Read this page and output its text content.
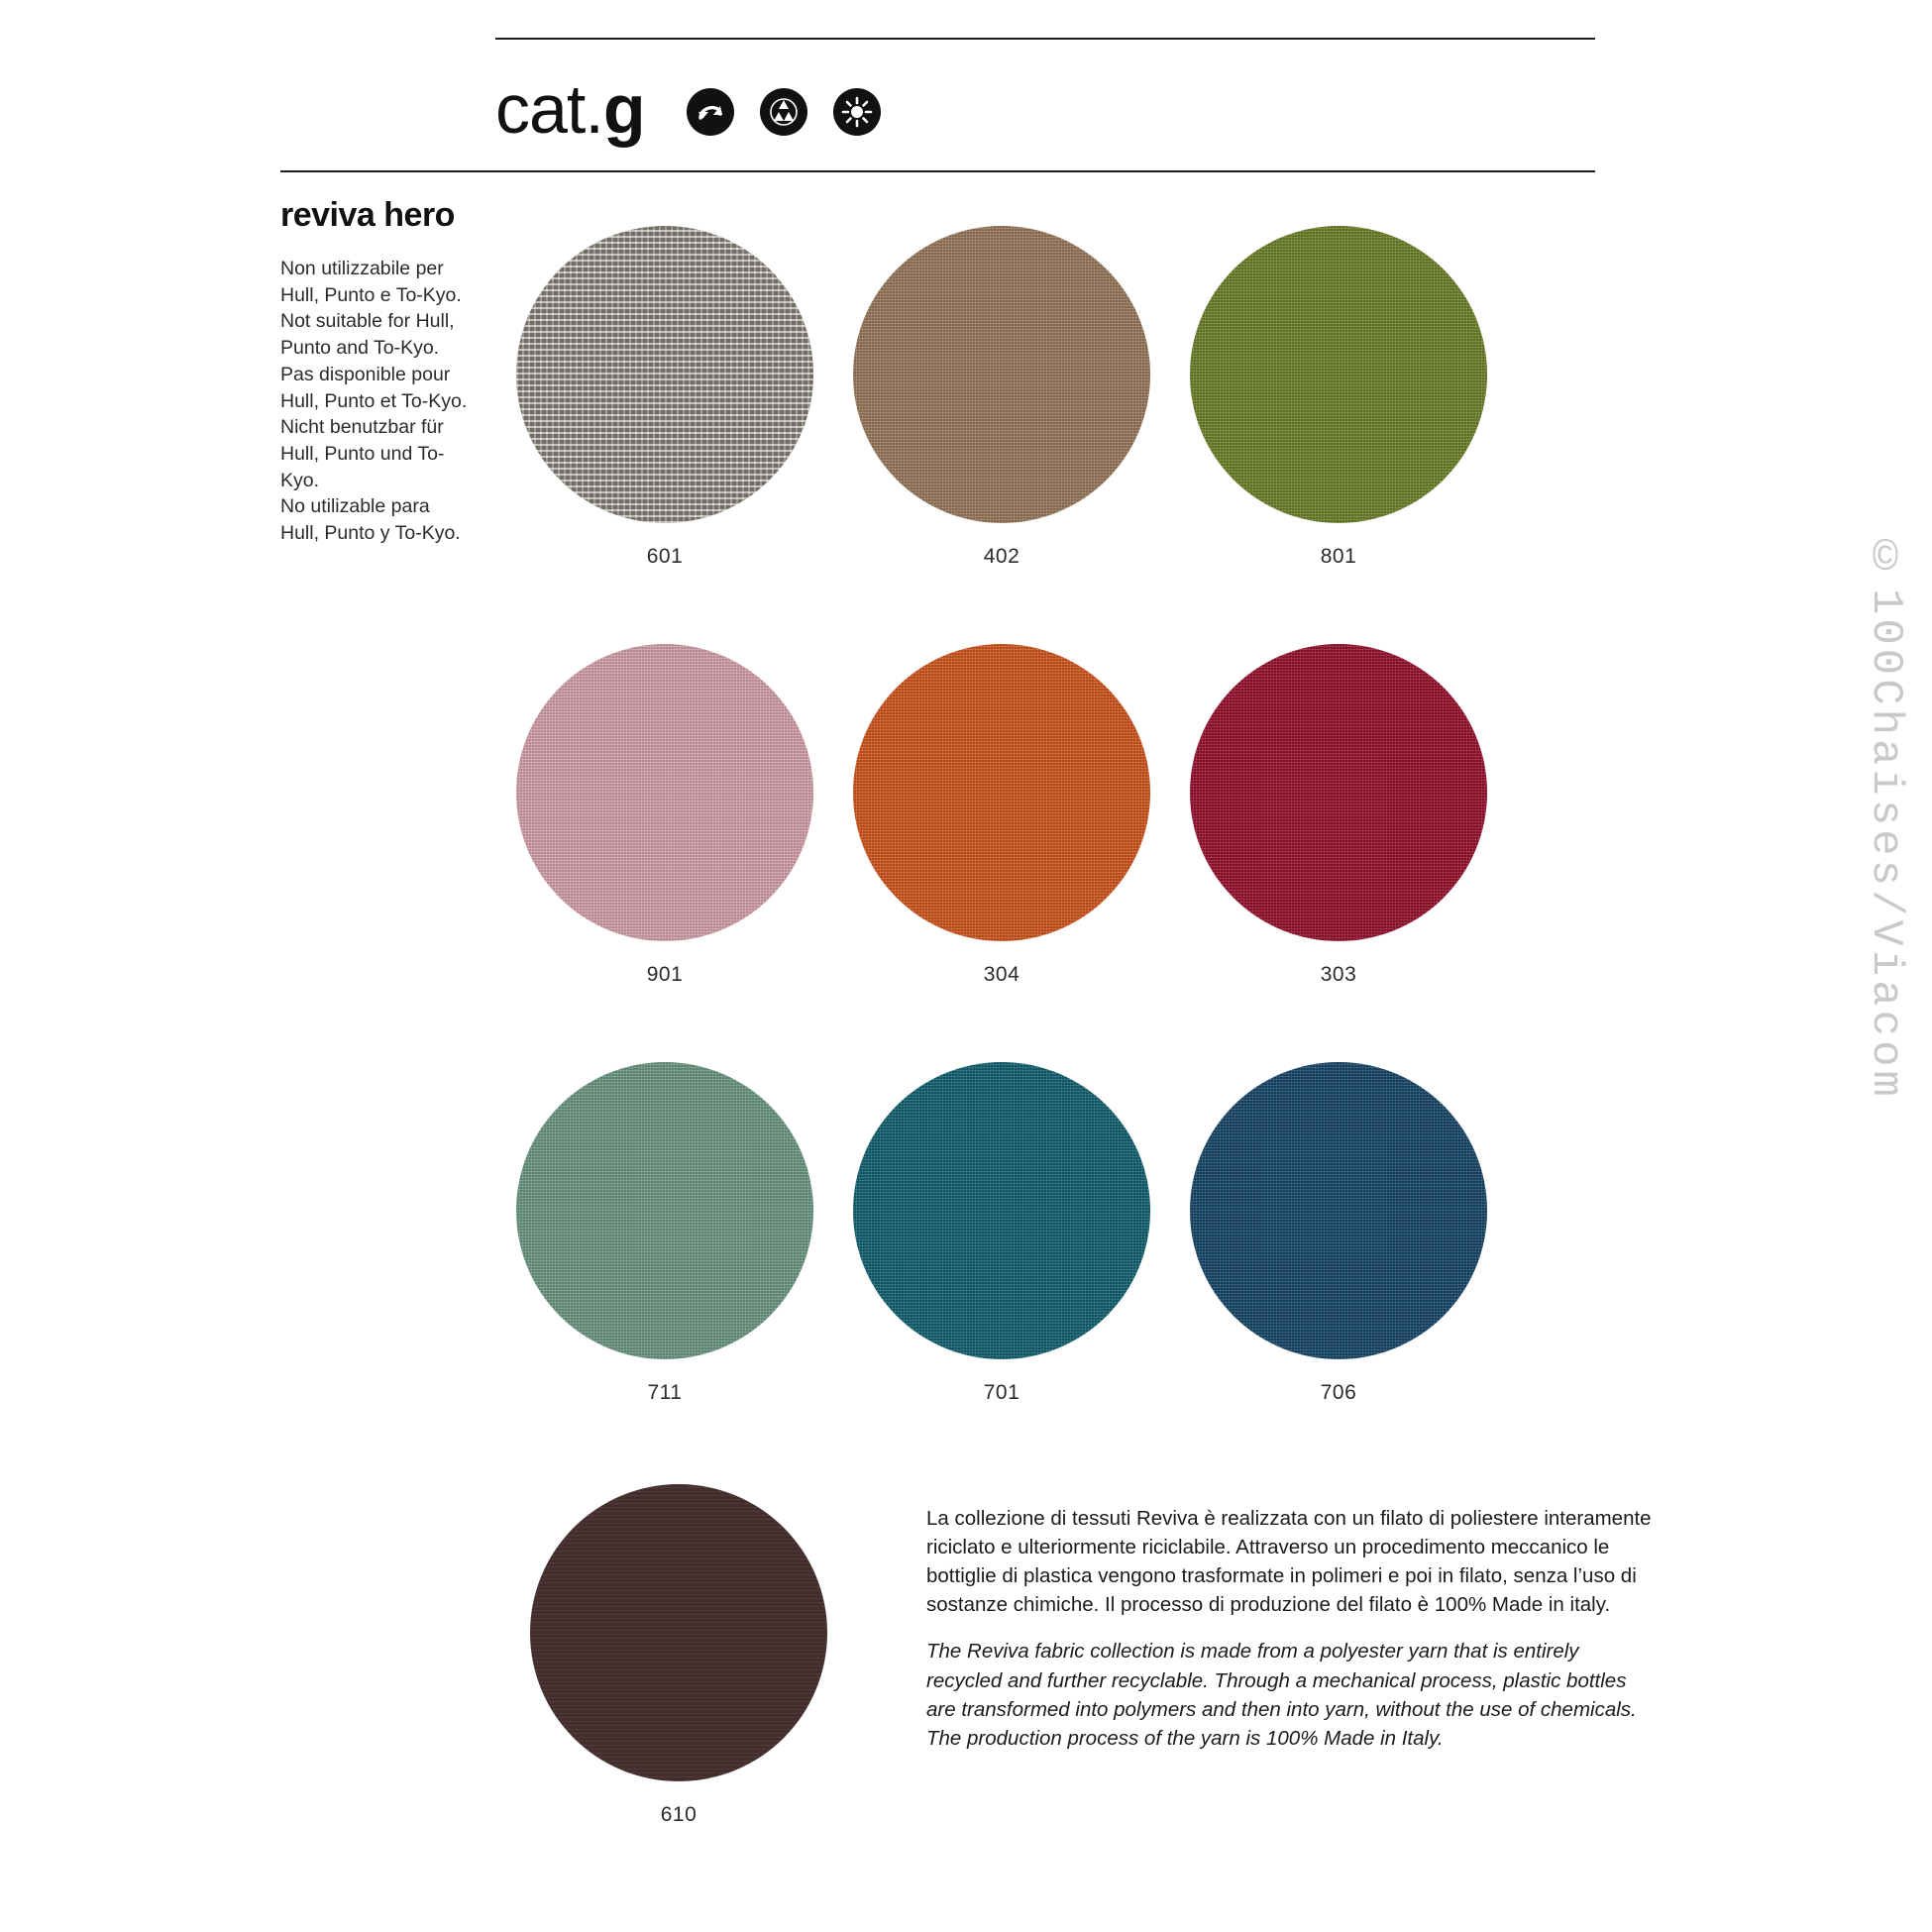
cat.g
reviva hero

Non utilizzabile per Hull, Punto e To-Kyo.

Not suitable for Hull, Punto and To-Kyo.

Pas disponible pour Hull, Punto et To-Kyo.

Nicht benutzbar für Hull, Punto und To-Kyo.

No utilizable para Hull, Punto y To-Kyo.

601	402	801
901	304	303
711	701	706
610

La collezione di tessuti Reviva è realizzata con un filato di poliestere interamente riciclato e ulteriormente riciclabile. Attraverso un procedimento meccanico le bottiglie di plastica vengono trasformate in polimeri e poi in filato, senza l’uso di sostanze chimiche. Il processo di produzione del filato è 100% Made in italy.

The Reviva fabric collection is made from a polyester yarn that is entirely recycled and further recyclable. Through a mechanical process, plastic bottles are transformed into polymers and then into yarn, without the use of chemicals. The production process of the yarn is 100% Made in Italy.

©100Chaises/Viacom
